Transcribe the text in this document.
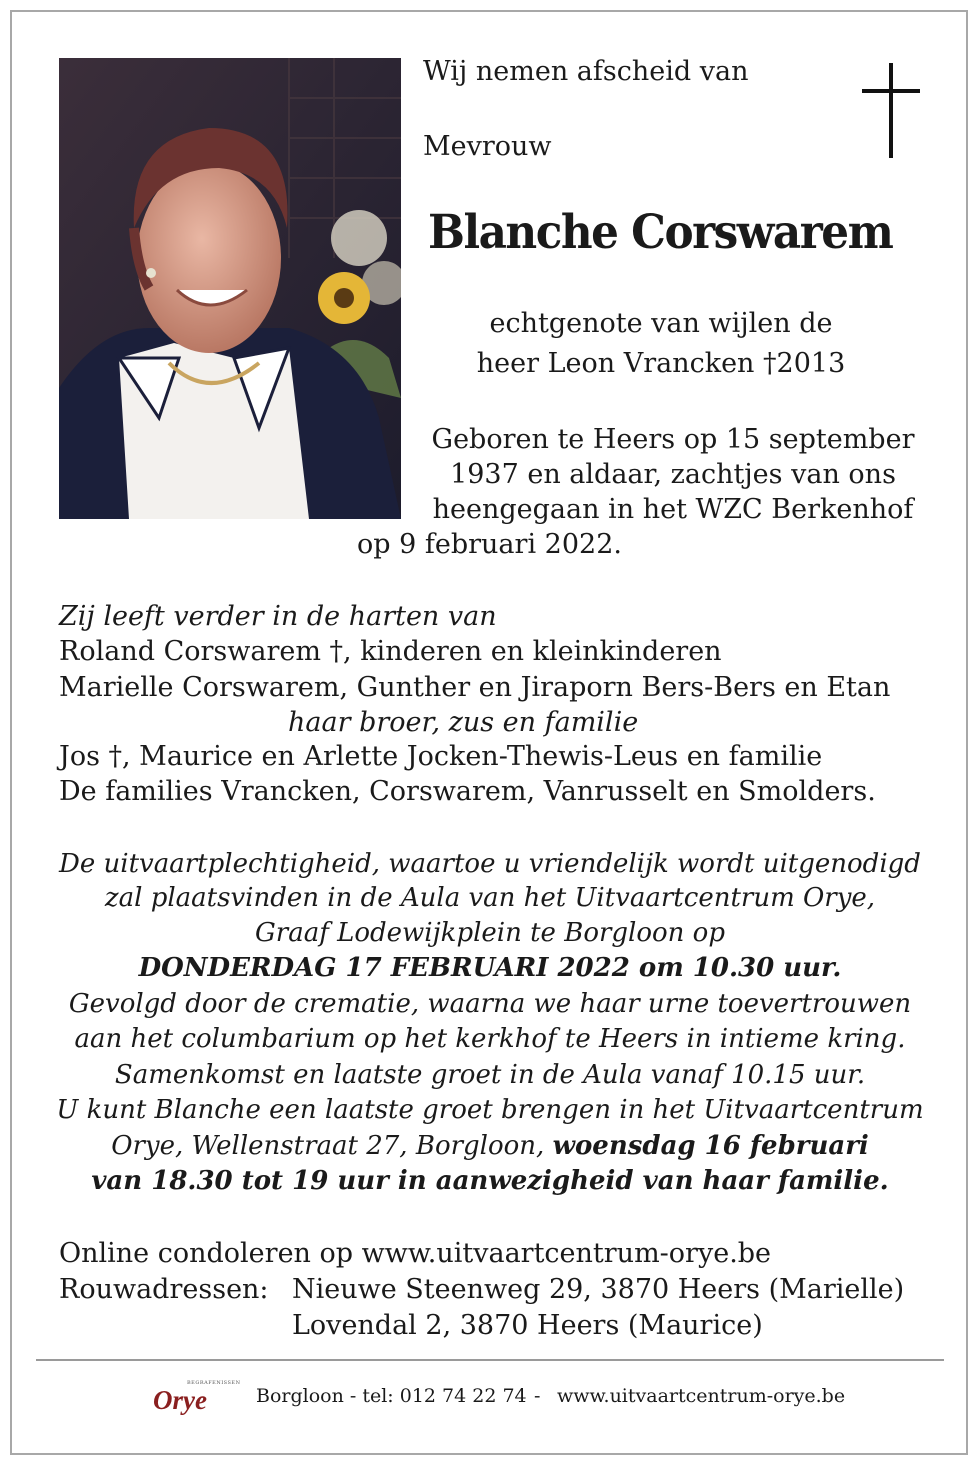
Wij nemen afscheid van
Mevrouw
Blanche Corswarem
echtgenote van wijlen de
heer Leon Vrancken †2013
Geboren te Heers op 15 september
1937 en aldaar, zachtjes van ons
heengegaan in het WZC Berkenhof
op 9 februari 2022.
Zij leeft verder in de harten van
Roland Corswarem †, kinderen en kleinkinderen
Marielle Corswarem, Gunther en Jiraporn Bers-Bers en Etan
haar broer, zus en familie
Jos †, Maurice en Arlette Jocken-Thewis-Leus en familie
De families Vrancken, Corswarem, Vanrusselt en Smolders.
De uitvaartplechtigheid, waartoe u vriendelijk wordt uitgenodigd
zal plaatsvinden in de Aula van het Uitvaartcentrum Orye,
Graaf Lodewijkplein te Borgloon op
DONDERDAG 17 FEBRUARI 2022 om 10.30 uur.
Gevolgd door de crematie, waarna we haar urne toevertrouwen
aan het columbarium op het kerkhof te Heers in intieme kring.
Samenkomst en laatste groet in de Aula vanaf 10.15 uur.
U kunt Blanche een laatste groet brengen in het Uitvaartcentrum
Orye, Wellenstraat 27, Borgloon, woensdag 16 februari
van 18.30 tot 19 uur in aanwezigheid van haar familie.
Online condoleren op www.uitvaartcentrum-orye.be
Rouwadressen: Nieuwe Steenweg 29, 3870 Heers (Marielle)
Lovendal 2, 3870 Heers (Maurice)
BEGRAFENISSEN
Orye	Borgloon - tel: 012 74 22 74 - www.uitvaartcentrum-orye.be
